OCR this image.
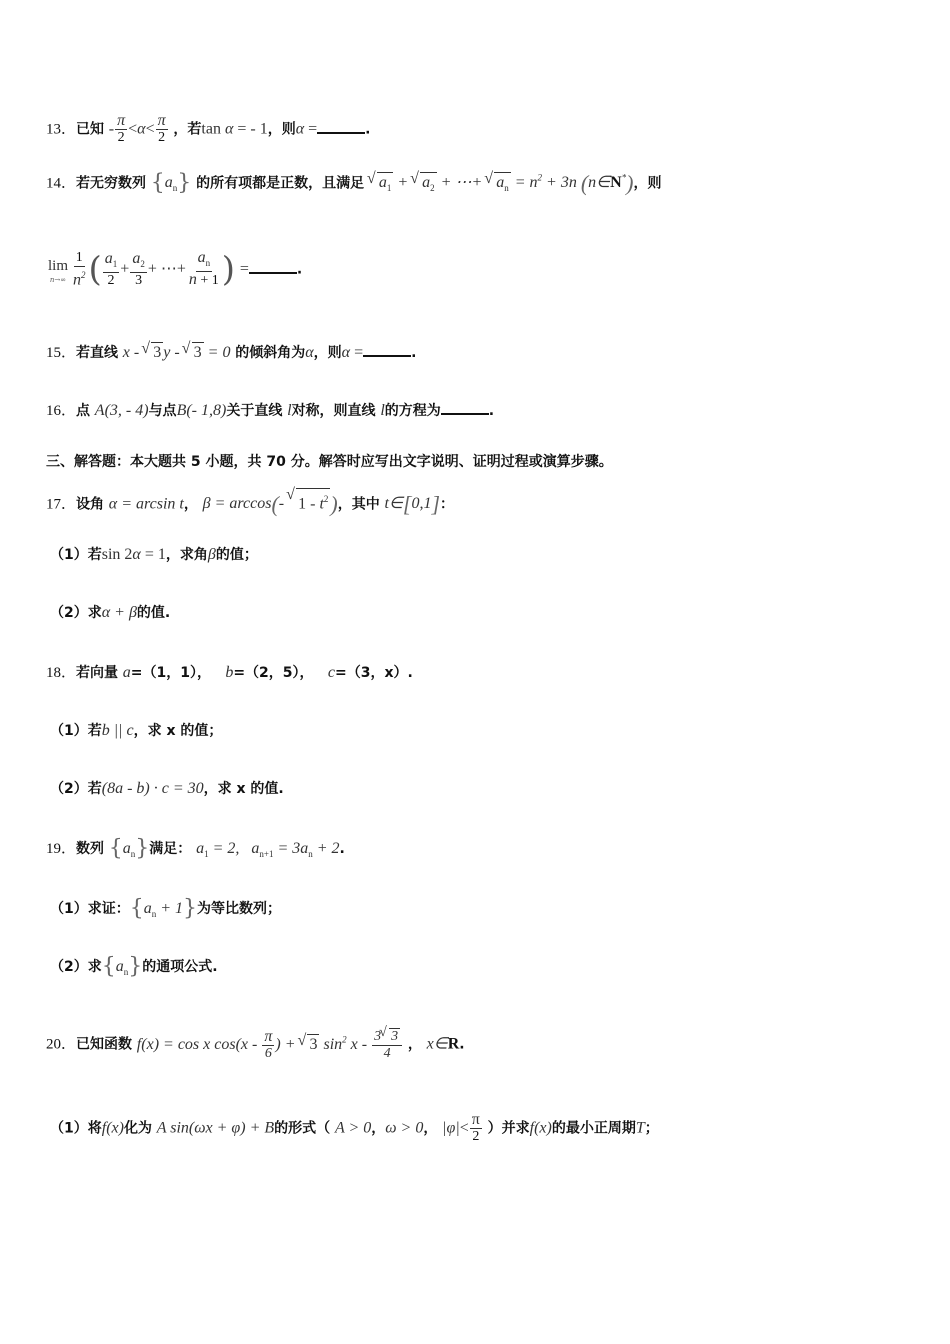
13．已知 - $\frac{\pi}{2} <\alpha< \frac{\pi}{2}$ ，若tan α = - 1，则α =	.
14．若无穷数列 $\{a_n\}$ 的所有项都是正数，且满足 √ $a_1$ + √ $a_2$ + ⋯+ √ $a_n = n^2 + 3n$ (n∈N*)，则
lim
$n\to\infty \frac{1}{n^2}$ ( $\frac{a_1}{2} + \frac{a_2}{3}$ + ⋯+ $\frac{a_n}{n + 1}$ ) =	.
15．若直线 x - √ 3 y - √ 3 = 0 的倾斜角为α，则α =	.
16．点 A(3, - 4)与点B(- 1,8)关于直线 l对称，则直线 l的方程为	.
三、解答题：本大题共 5 小题，共 70 分。解答时应写出文字说明、证明过程或演算步骤。
17．设角 α = arcsin t， β = arccos(- √ $1 - t^2$)，其中 t∈[0,1]：
（1）若sin 2α = 1，求角β的值；
（2）求α + β的值.
18．若向量 a=（1，1）， b=（2，5）， c=（3，x）.
（1）若b || c，求 x 的值；
（2）若(8a - b) · c = 30，求 x 的值.
19．数列 $\{a_n\}$满足： $a_1 = 2$,   $a_{n+1} = 3a_n + 2$.
（1）求证：$\{a_n + 1\}$为等比数列；
（2）求$\{a_n\}$的通项公式.
20．已知函数 f(x) = cos x $\cos(x - \frac{\pi}{6}$ ) + √ 3 $\sin^2 x - \frac{3 √ 3}{4}$ ， x∈R.
（1）将f(x)化为 A sin(ωx + φ) + B的形式（ A > 0，ω > 0， $|\varphi|< \frac{\pi}{2}$ ）并求f(x)的最小正周期T；
